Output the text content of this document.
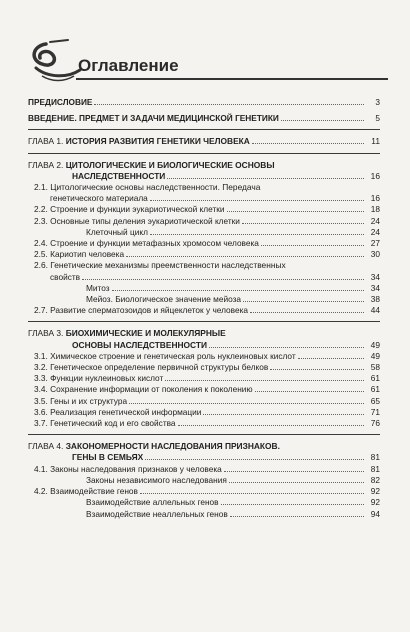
Оглавление
ПРЕДИСЛОВИЕ	3
ВВЕДЕНИЕ. ПРЕДМЕТ И ЗАДАЧИ МЕДИЦИНСКОЙ ГЕНЕТИКИ	5
ГЛАВА 1. ИСТОРИЯ РАЗВИТИЯ ГЕНЕТИКИ ЧЕЛОВЕКА	11
ГЛАВА 2. ЦИТОЛОГИЧЕСКИЕ И БИОЛОГИЧЕСКИЕ ОСНОВЫ
НАСЛЕДСТВЕННОСТИ	16
2.1. Цитологические основы наследственности. Передача
генетического материала	16
2.2. Строение и функции эукариотической клетки	18
2.3. Основные типы деления эукариотической клетки	24
Клеточный цикл	24
2.4. Строение и функции метафазных хромосом человека	27
2.5. Кариотип человека	30
2.6. Генетические механизмы преемственности наследственных
свойств	34
Митоз	34
Мейоз. Биологическое значение мейоза	38
2.7. Развитие сперматозоидов и яйцеклеток у человека	44
ГЛАВА 3. БИОХИМИЧЕСКИЕ И МОЛЕКУЛЯРНЫЕ
ОСНОВЫ НАСЛЕДСТВЕННОСТИ	49
3.1. Химическое строение и генетическая роль нуклеиновых кислот	49
3.2. Генетическое определение первичной структуры белков	58
3.3. Функции нуклеиновых кислот	61
3.4. Сохранение информации от поколения к поколению	61
3.5. Гены и их структура	65
3.6. Реализация генетической информации	71
3.7. Генетический код и его свойства	76
ГЛАВА 4. ЗАКОНОМЕРНОСТИ НАСЛЕДОВАНИЯ ПРИЗНАКОВ.
ГЕНЫ В СЕМЬЯХ	81
4.1. Законы наследования признаков у человека	81
Законы независимого наследования	82
4.2. Взаимодействие генов	92
Взаимодействие аллельных генов	92
Взаимодействие неаллельных генов	94
